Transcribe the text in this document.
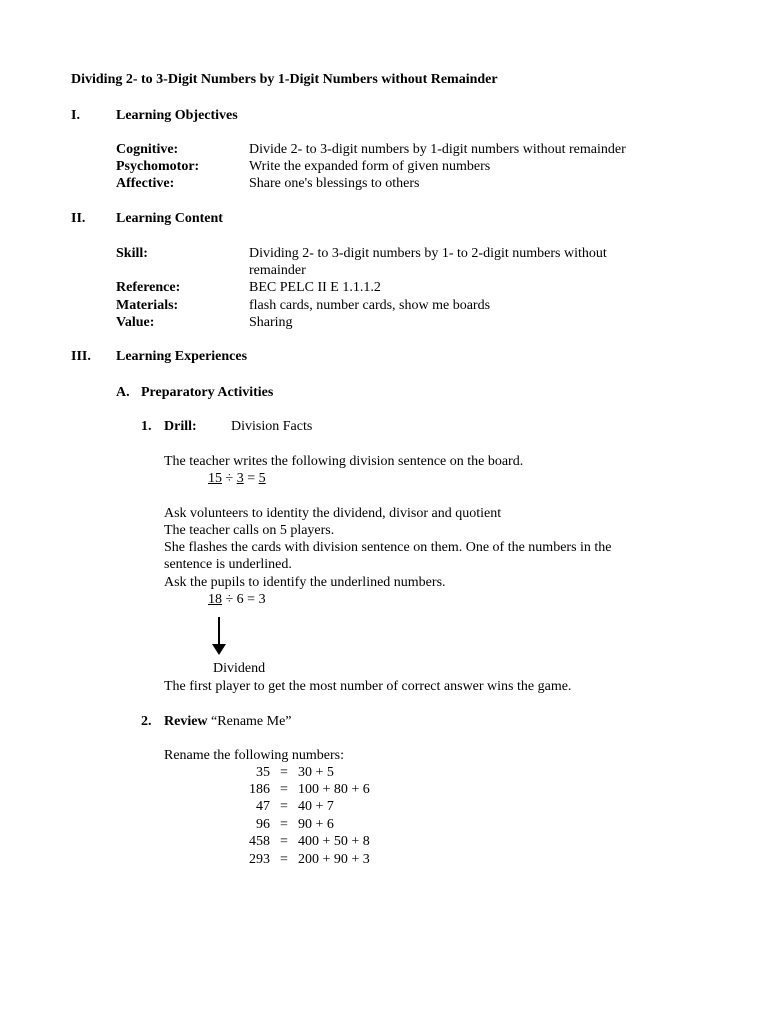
Dividing 2- to 3-Digit Numbers by 1-Digit Numbers without Remainder
I.	Learning Objectives
Cognitive:	Divide 2- to 3-digit numbers by 1-digit numbers without remainder
Psychomotor:	Write the expanded form of given numbers
Affective:	Share one's blessings to others
II. Learning Content
Skill:	Dividing 2- to 3-digit numbers by 1- to 2-digit numbers without
remainder
Reference:	BEC PELC II E 1.1.1.2
Materials:	flash cards, number cards, show me boards
Value:	Sharing
III. Learning Experiences
A. Preparatory Activities
1. Drill: Division Facts
The teacher writes the following division sentence on the board.
15 ÷ 3 = 5
Ask volunteers to identity the dividend, divisor and quotient
The teacher calls on 5 players.
She flashes the cards with division sentence on them. One of the numbers in the
sentence is underlined.
Ask the pupils to identify the underlined numbers.
18 ÷ 6 = 3
Dividend
The first player to get the most number of correct answer wins the game.
2. Review “Rename Me”
Rename the following numbers:
35 = 30 + 5
186 = 100 + 80 + 6
47 = 40 + 7
96 = 90 + 6
458 = 400 + 50 + 8
293 = 200 + 90 + 3
